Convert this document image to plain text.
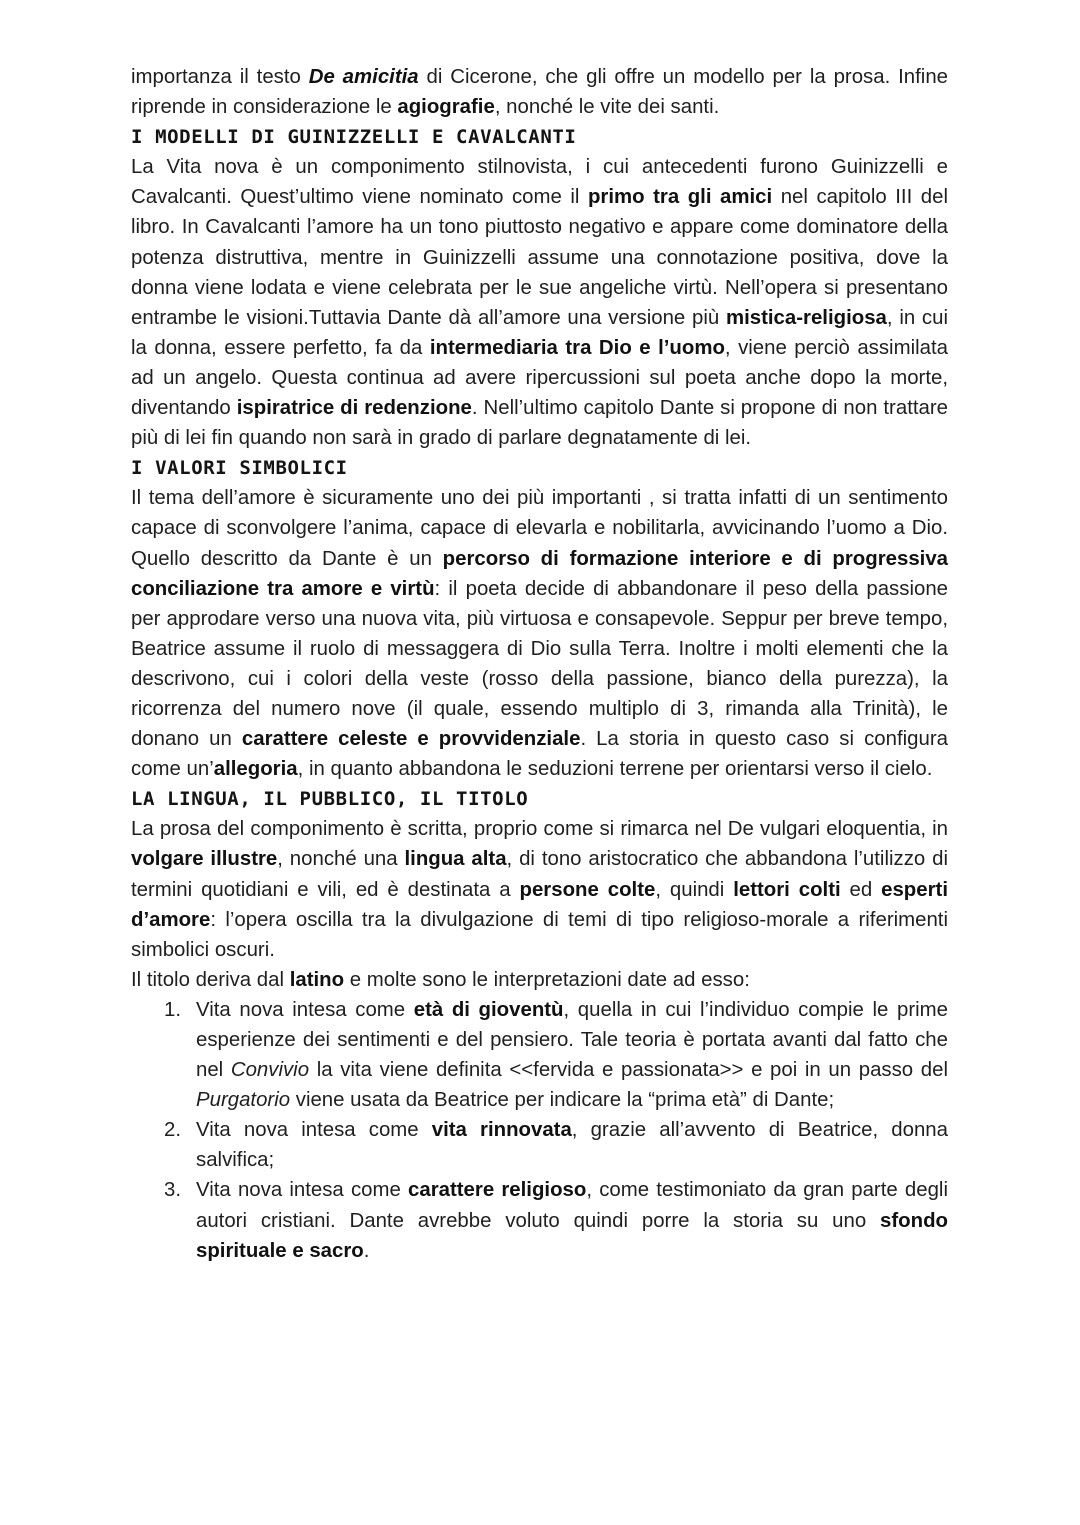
importanza il testo De amicitia di Cicerone, che gli offre un modello per la prosa. Infine riprende in considerazione le agiografie, nonché le vite dei santi.

I MODELLI DI GUINIZZELLI E CAVALCANTI

La Vita nova è un componimento stilnovista, i cui antecedenti furono Guinizzelli e Cavalcanti. Quest’ultimo viene nominato come il primo tra gli amici nel capitolo III del libro. In Cavalcanti l’amore ha un tono piuttosto negativo e appare come dominatore della potenza distruttiva, mentre in Guinizzelli assume una connotazione positiva, dove la donna viene lodata e viene celebrata per le sue angeliche virtù. Nell’opera si presentano entrambe le visioni.Tuttavia Dante dà all’amore una versione più mistica-religiosa, in cui la donna, essere perfetto, fa da intermediaria tra Dio e l’uomo, viene perciò assimilata ad un angelo. Questa continua ad avere ripercussioni sul poeta anche dopo la morte, diventando ispiratrice di redenzione. Nell’ultimo capitolo Dante si propone di non trattare più di lei fin quando non sarà in grado di parlare degnatamente di lei.

I VALORI SIMBOLICI

Il tema dell’amore è sicuramente uno dei più importanti , si tratta infatti di un sentimento capace di sconvolgere l’anima, capace di elevarla e nobilitarla, avvicinando l’uomo a Dio. Quello descritto da Dante è un percorso di formazione interiore e di progressiva conciliazione tra amore e virtù: il poeta decide di abbandonare il peso della passione per approdare verso una nuova vita, più virtuosa e consapevole. Seppur per breve tempo, Beatrice assume il ruolo di messaggera di Dio sulla Terra. Inoltre i molti elementi che la descrivono, cui i colori della veste (rosso della passione, bianco della purezza), la ricorrenza del numero nove (il quale, essendo multiplo di 3, rimanda alla Trinità), le donano un carattere celeste e provvidenziale. La storia in questo caso si configura come un’allegoria, in quanto abbandona le seduzioni terrene per orientarsi verso il cielo.

LA LINGUA, IL PUBBLICO, IL TITOLO

La prosa del componimento è scritta, proprio come si rimarca nel De vulgari eloquentia, in volgare illustre, nonché una lingua alta, di tono aristocratico che abbandona l’utilizzo di termini quotidiani e vili, ed è destinata a persone colte, quindi lettori colti ed esperti d’amore: l’opera oscilla tra la divulgazione di temi di tipo religioso-morale a riferimenti simbolici oscuri.

Il titolo deriva dal latino e molte sono le interpretazioni date ad esso:

1. Vita nova intesa come età di gioventù, quella in cui l’individuo compie le prime esperienze dei sentimenti e del pensiero. Tale teoria è portata avanti dal fatto che nel Convivio la vita viene definita <<fervida e passionata>> e poi in un passo del Purgatorio viene usata da Beatrice per indicare la “prima età” di Dante;
2. Vita nova intesa come vita rinnovata, grazie all’avvento di Beatrice, donna salvifica;
3. Vita nova intesa come carattere religioso, come testimoniato da gran parte degli autori cristiani. Dante avrebbe voluto quindi porre la storia su uno sfondo spirituale e sacro.
